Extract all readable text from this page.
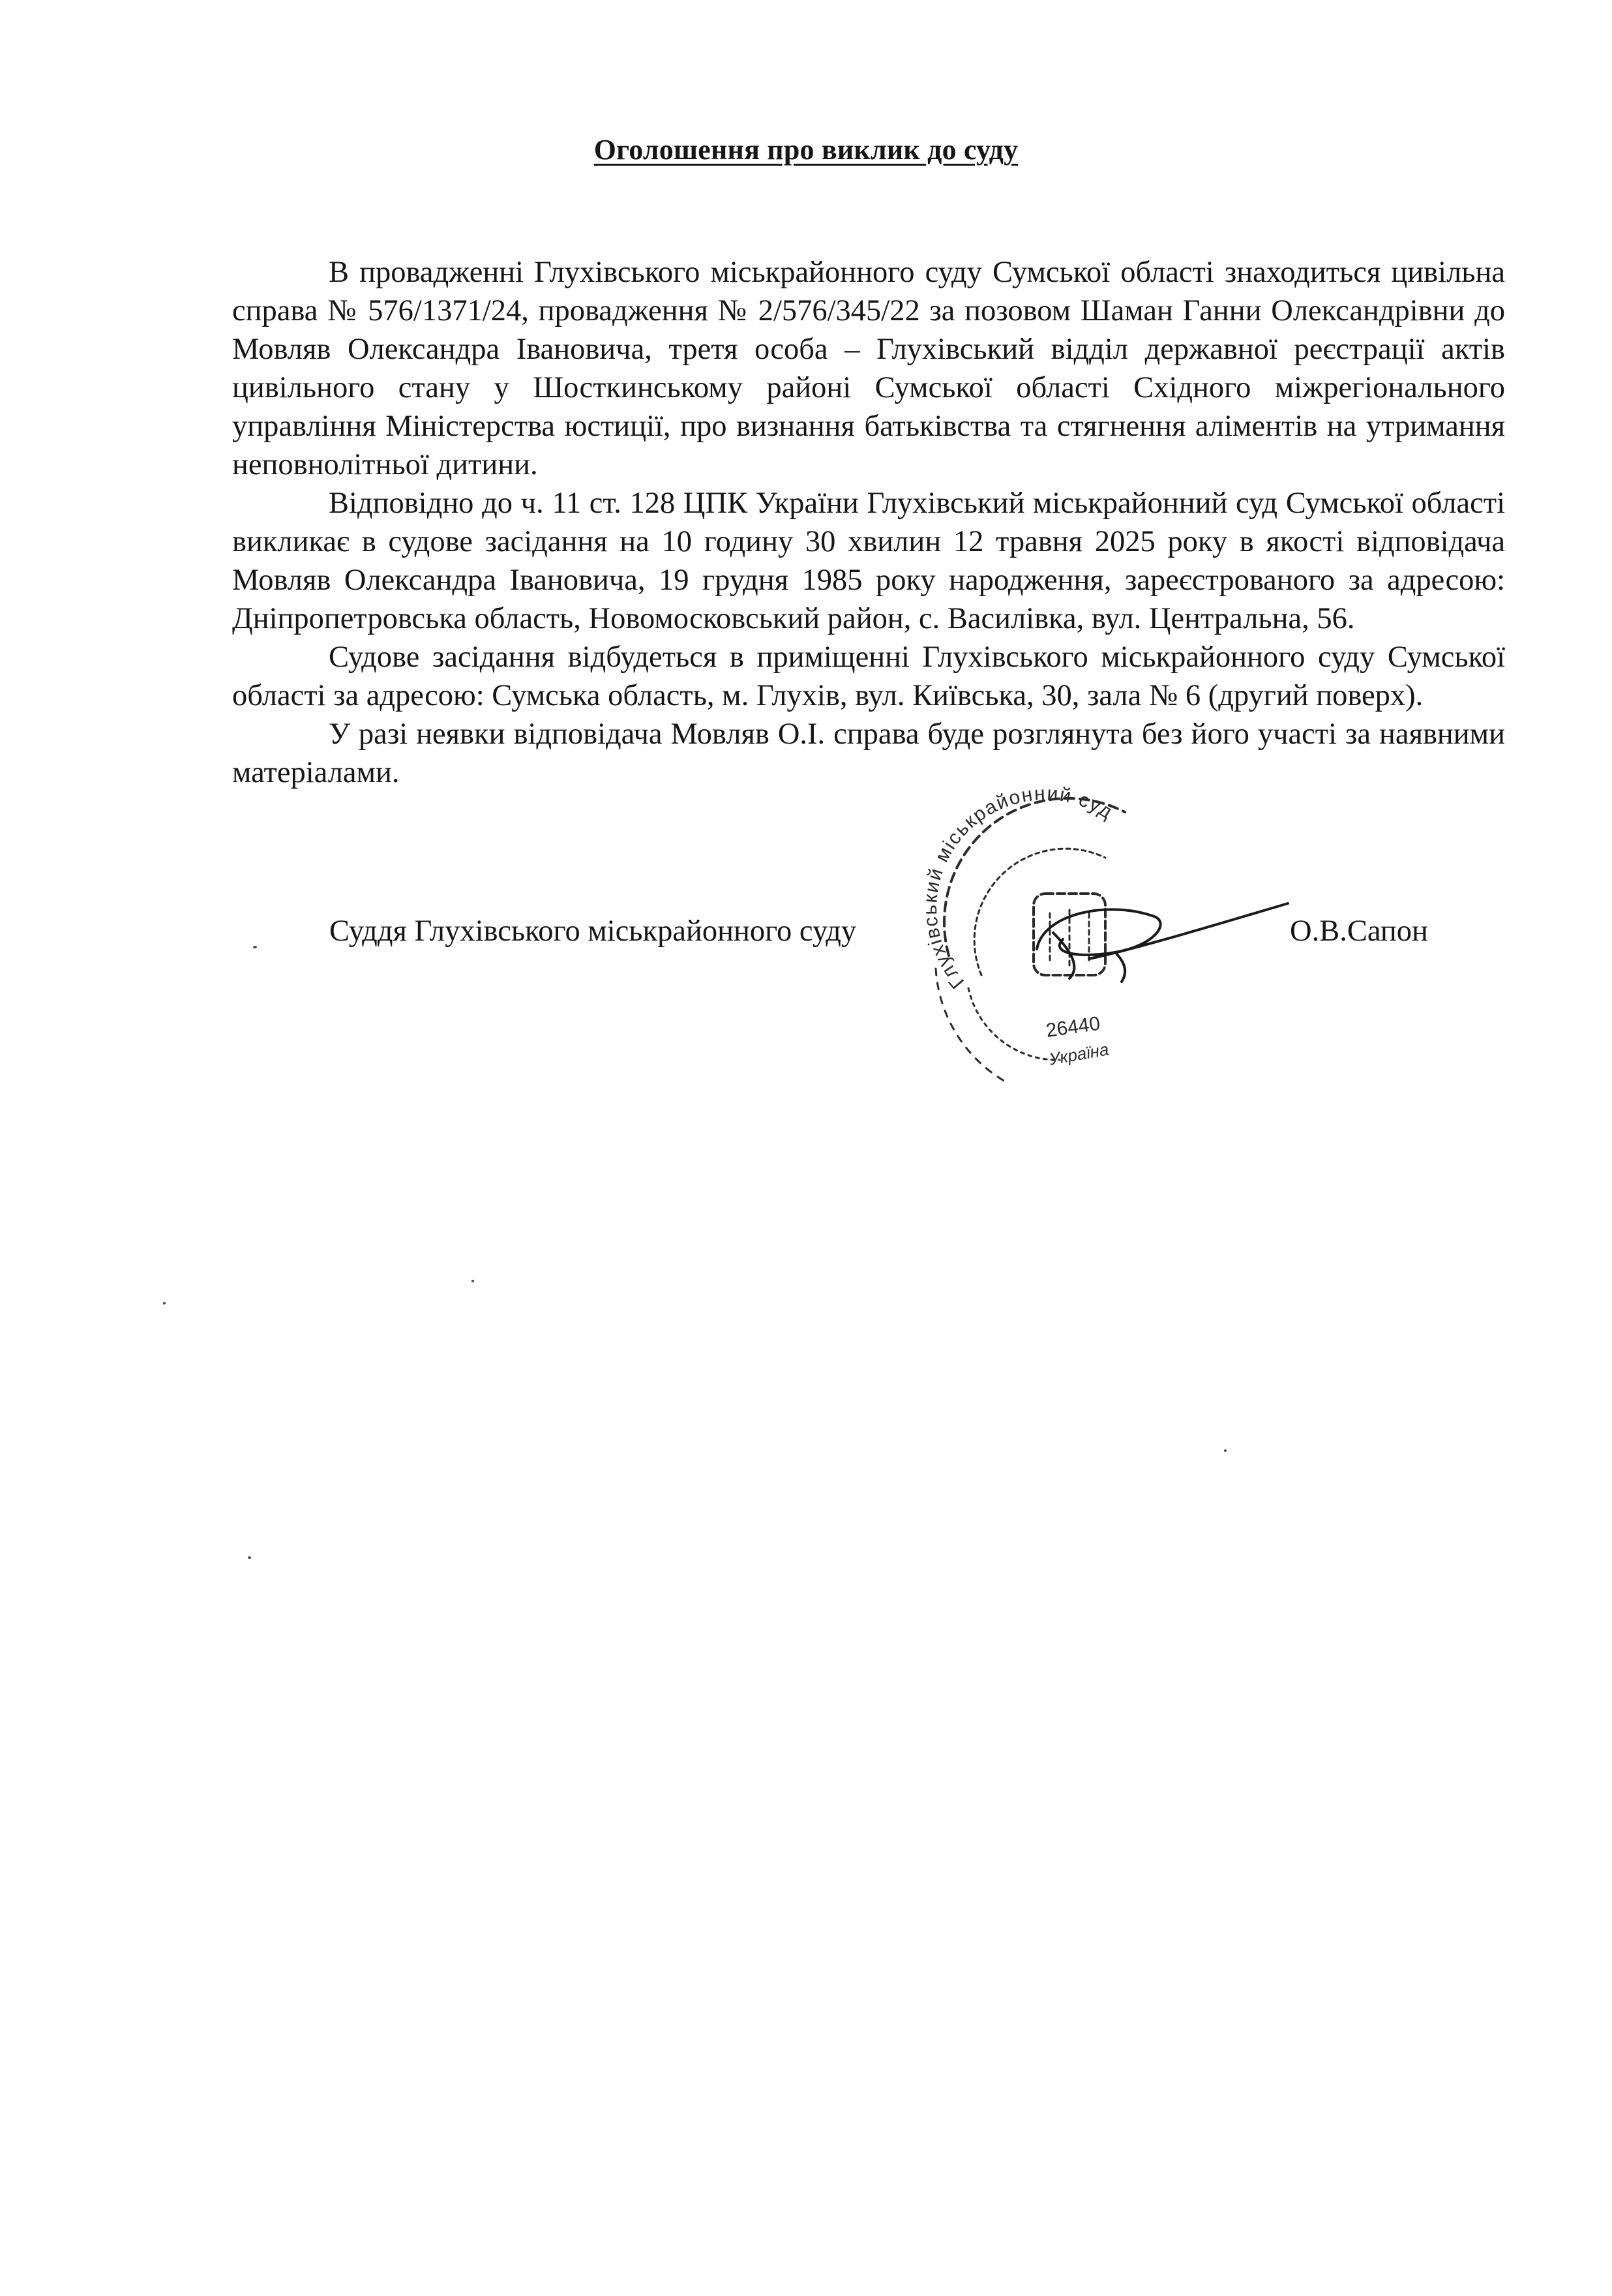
Оголошення про виклик до суду

В провадженні Глухівського міськрайонного суду Сумської області знаходиться цивільна справа № 576/1371/24, провадження № 2/576/345/22 за позовом Шаман Ганни Олександрівни до Мовляв Олександра Івановича, третя особа – Глухівський відділ державної реєстрації актів цивільного стану у Шосткинському районі Сумської області Східного міжрегіонального управління Міністерства юстиції, про визнання батьківства та стягнення аліментів на утримання неповнолітньої дитини.

Відповідно до ч. 11 ст. 128 ЦПК України Глухівський міськрайонний суд Сумської області викликає в судове засідання на 10 годину 30 хвилин 12 травня 2025 року в якості відповідача Мовляв Олександра Івановича, 19 грудня 1985 року народження, зареєстрованого за адресою: Дніпропетровська область, Новомосковський район, с. Василівка, вул. Центральна, 56.

Судове засідання відбудеться в приміщенні Глухівського міськрайонного суду Сумської області за адресою: Сумська область, м. Глухів, вул. Київська, 30, зала № 6 (другий поверх).

У разі неявки відповідача Мовляв О.І. справа буде розглянута без його участі за наявними матеріалами.

Суддя Глухівського міськрайонного суду	О.В.Сапон
Глухівський міськрайонний суд
26440
Україна
